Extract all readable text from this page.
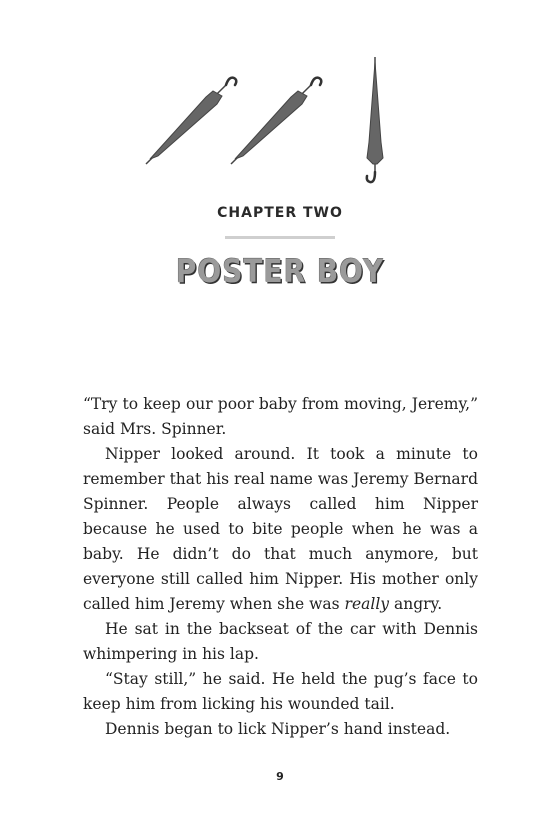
CHAPTER TWO
POSTER BOY

“Try to keep our poor baby from moving, Jeremy,” said Mrs. Spinner.

Nipper looked around. It took a minute to remember that his real name was Jeremy Bernard Spinner. People always called him Nipper because he used to bite people when he was a baby. He didn’t do that much anymore, but everyone still called him Nipper. His mother only called him Jeremy when she was really angry.

He sat in the backseat of the car with Dennis whimpering in his lap.

“Stay still,” he said. He held the pug’s face to keep him from licking his wounded tail.

Dennis began to lick Nipper’s hand instead.

9
